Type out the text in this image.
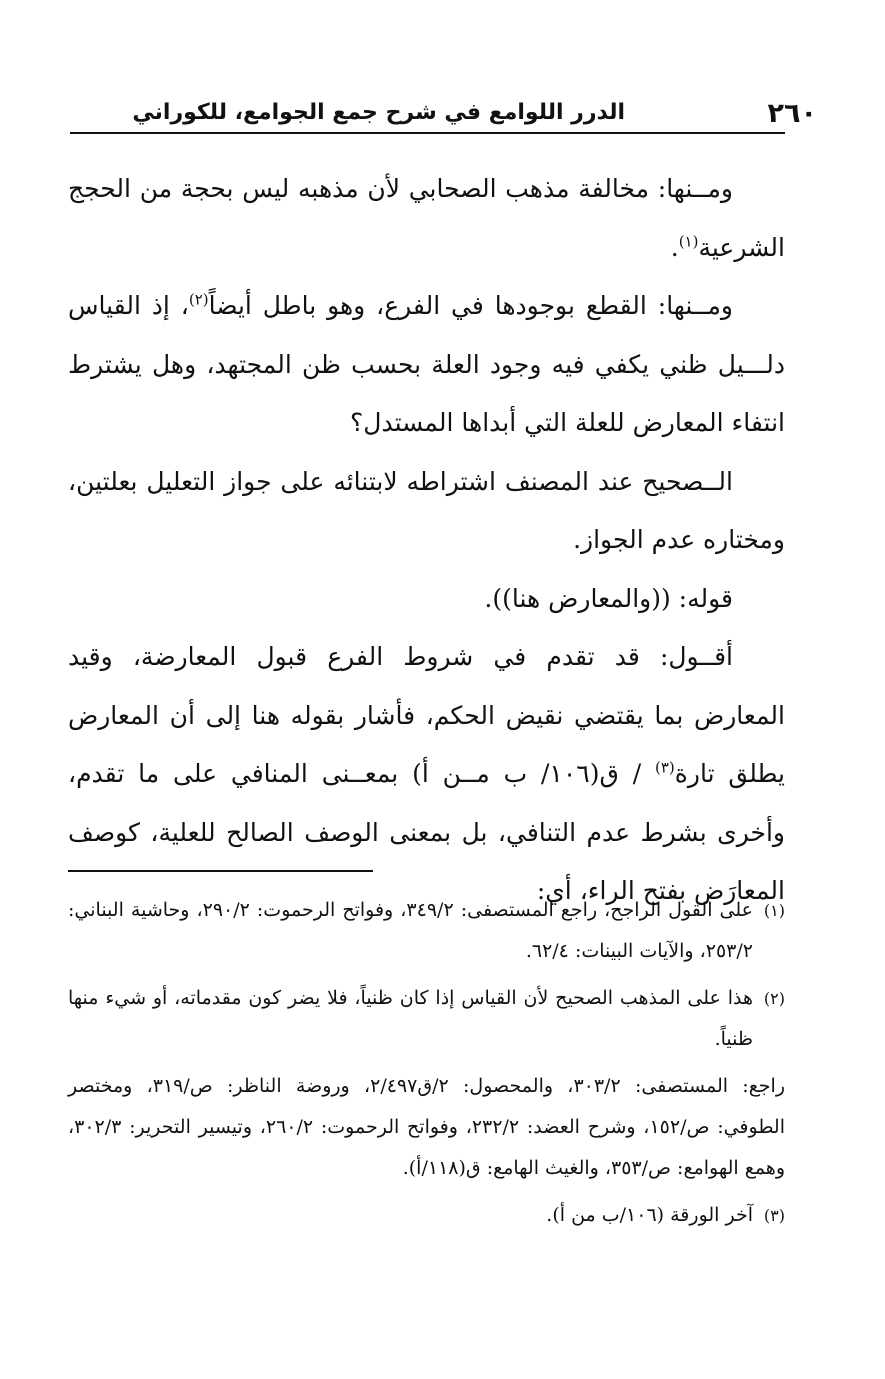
٢٦٠
الدرر اللوامع في شرح جمع الجوامع، للكوراني

ومــنها: مخالفة مذهب الصحابي لأن مذهبه ليس بحجة من الحجج الشرعية$^{(١)}$.

ومــنها: القطع بوجودها في الفرع، وهو باطل أيضاً$^{(٢)}$، إذ القياس دلـــيل ظني يكفي فيه وجود العلة بحسب ظن المجتهد، وهل يشترط انتفاء المعارض للعلة التي أبداها المستدل؟

الــصحيح عند المصنف اشتراطه لابتنائه على جواز التعليل بعلتين، ومختاره عدم الجواز.

قوله: ((والمعارض هنا)).

أقــول: قد تقدم في شروط الفرع قبول المعارضة، وقيد المعارض بما يقتضي نقيض الحكم، فأشار بقوله هنا إلى أن المعارض يطلق تارة$^{(٣)}$ / ق(١٠٦/ ب مــن أ) بمعــنى المنافي على ما تقدم، وأخرى بشرط عدم التنافي، بل بمعنى الوصف الصالح للعلية، كوصف المعارَض بفتح الراء، أي:

(١)
على القول الراجح، راجع المستصفى: ٣٤٩/٢، وفواتح الرحموت: ٢٩٠/٢، وحاشية البناني: ٢٥٣/٢، والآيات البينات: ٦٢/٤.

(٢)
هذا على المذهب الصحيح لأن القياس إذا كان ظنياً، فلا يضر كون مقدماته، أو شيء منها ظنياً.

راجع: المستصفى: ٣٠٣/٢، والمحصول: ٢/ق٢/٤٩٧، وروضة الناظر: ص/٣١٩، ومختصر الطوفي: ص/١٥٢، وشرح العضد: ٢٣٢/٢، وفواتح الرحموت: ٢٦٠/٢، وتيسير التحرير: ٣٠٢/٣، وهمع الهوامع: ص/٣٥٣، والغيث الهامع: ق(١١٨/أ).

(٣)
آخر الورقة (١٠٦/ب من أ).
